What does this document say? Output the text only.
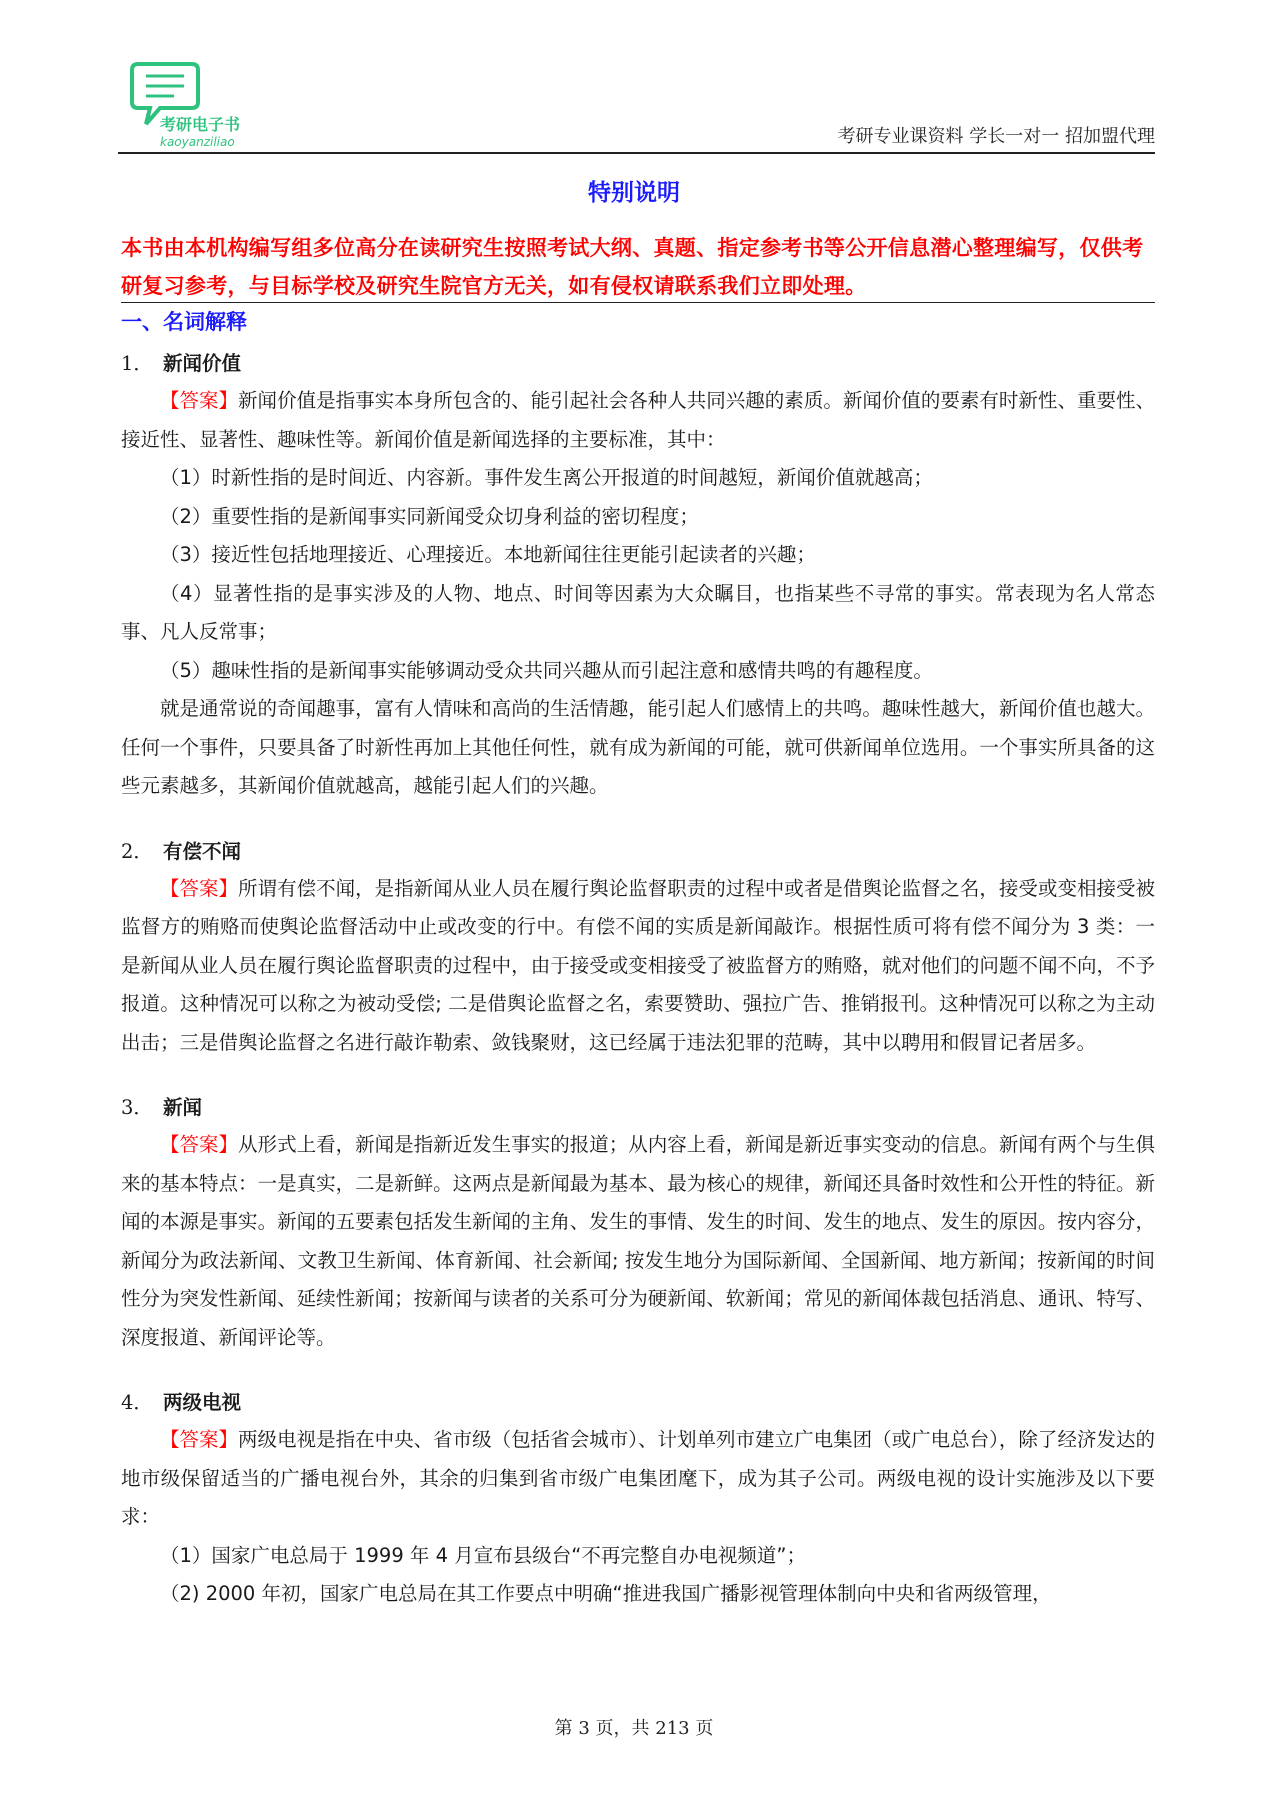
考研电子书
kaoyanziliao	考研专业课资料 学长一对一 招加盟代理
特别说明
本书由本机构编写组多位高分在读研究生按照考试大纲、真题、指定参考书等公开信息潜心整理编写，仅供考研复习参考，与目标学校及研究生院官方无关，如有侵权请联系我们立即处理。
一、名词解释

1． 新闻价值

【答案】新闻价值是指事实本身所包含的、能引起社会各种人共同兴趣的素质。新闻价值的要素有时新性、重要性、接近性、显著性、趣味性等。新闻价值是新闻选择的主要标准，其中：

（1）时新性指的是时间近、内容新。事件发生离公开报道的时间越短，新闻价值就越高；

（2）重要性指的是新闻事实同新闻受众切身利益的密切程度；

（3）接近性包括地理接近、心理接近。本地新闻往往更能引起读者的兴趣；

（4）显著性指的是事实涉及的人物、地点、时间等因素为大众瞩目，也指某些不寻常的事实。常表现为名人常态事、凡人反常事；

（5）趣味性指的是新闻事实能够调动受众共同兴趣从而引起注意和感情共鸣的有趣程度。

就是通常说的奇闻趣事，富有人情味和高尚的生活情趣，能引起人们感情上的共鸣。趣味性越大，新闻价值也越大。任何一个事件，只要具备了时新性再加上其他任何性，就有成为新闻的可能，就可供新闻单位选用。一个事实所具备的这些元素越多，其新闻价值就越高，越能引起人们的兴趣。

2． 有偿不闻

【答案】所谓有偿不闻，是指新闻从业人员在履行舆论监督职责的过程中或者是借舆论监督之名，接受或变相接受被监督方的贿赂而使舆论监督活动中止或改变的行中。有偿不闻的实质是新闻敲诈。根据性质可将有偿不闻分为 3 类：一是新闻从业人员在履行舆论监督职责的过程中，由于接受或变相接受了被监督方的贿赂，就对他们的问题不闻不向，不予报道。这种情况可以称之为被动受偿; 二是借舆论监督之名，索要赞助、强拉广告、推销报刊。这种情况可以称之为主动出击；三是借舆论监督之名进行敲诈勒索、敛钱聚财，这已经属于违法犯罪的范畴，其中以聘用和假冒记者居多。

3． 新闻

【答案】从形式上看，新闻是指新近发生事实的报道；从内容上看，新闻是新近事实变动的信息。新闻有两个与生俱来的基本特点：一是真实，二是新鲜。这两点是新闻最为基本、最为核心的规律，新闻还具备时效性和公开性的特征。新闻的本源是事实。新闻的五要素包括发生新闻的主角、发生的事情、发生的时间、发生的地点、发生的原因。按内容分，新闻分为政法新闻、文教卫生新闻、体育新闻、社会新闻; 按发生地分为国际新闻、全国新闻、地方新闻；按新闻的时间性分为突发性新闻、延续性新闻；按新闻与读者的关系可分为硬新闻、软新闻；常见的新闻体裁包括消息、通讯、特写、深度报道、新闻评论等。

4． 两级电视

【答案】两级电视是指在中央、省市级（包括省会城市）、计划单列市建立广电集团（或广电总台），除了经济发达的地市级保留适当的广播电视台外，其余的归集到省市级广电集团麾下，成为其子公司。两级电视的设计实施涉及以下要求：

（1）国家广电总局于 1999 年 4 月宣布县级台“不再完整自办电视频道”；

（2) 2000 年初，国家广电总局在其工作要点中明确“推进我国广播影视管理体制向中央和省两级管理，

第 3 页，共 213 页
